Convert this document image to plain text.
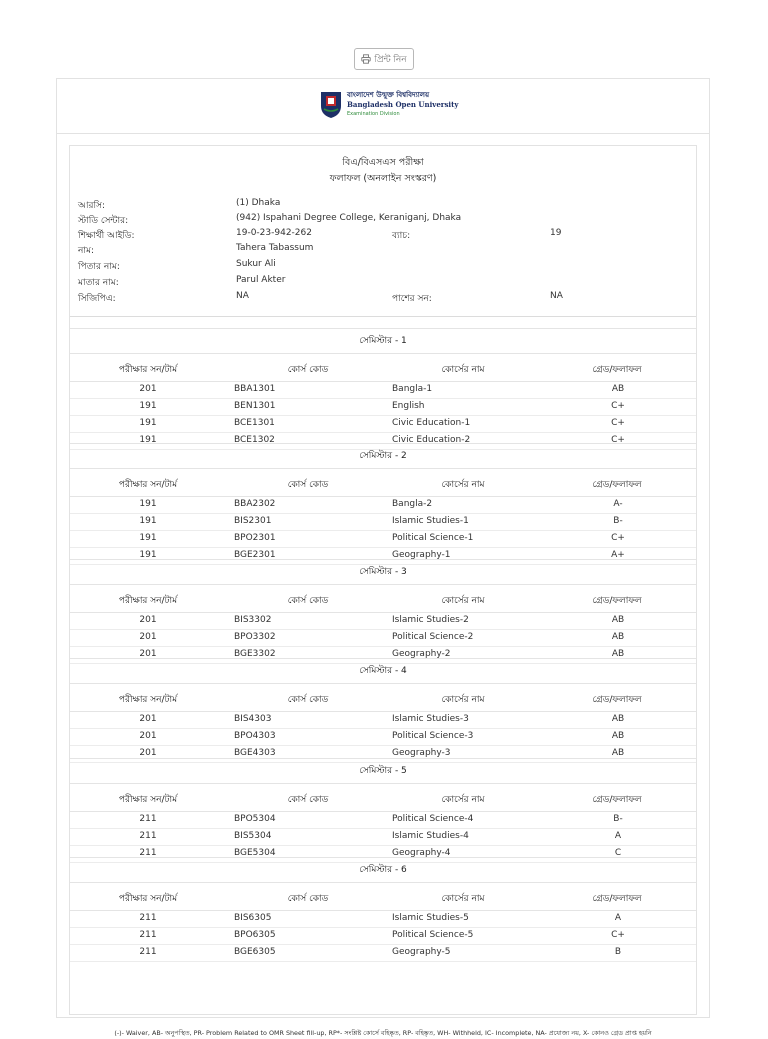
প্রিন্ট নিন
বাংলাদেশ উন্মুক্ত বিশ্ববিদ্যালয়
Bangladesh Open University
Examination Division
বিএ/বিএসএস পরীক্ষা
ফলাফল (অনলাইন সংস্করণ)
আরসি:	(1) Dhaka
স্টাডি সেন্টার:	(942) Ispahani Degree College, Keraniganj, Dhaka
শিক্ষার্থী আইডি:	19-0-23-942-262	ব্যাচ:	19
নাম:	Tahera Tabassum
পিতার নাম:	Sukur Ali
মাতার নাম:	Parul Akter
সিজিপিএ:	NA	পাশের সন:	NA
সেমিস্টার - 1
পরীক্ষার সন/টার্ম	কোর্স কোড	কোর্সের নাম	গ্রেড/ফলাফল
201	BBA1301	Bangla-1	AB
191	BEN1301	English	C+
191	BCE1301	Civic Education-1	C+
191	BCE1302	Civic Education-2	C+
সেমিস্টার - 2
পরীক্ষার সন/টার্ম	কোর্স কোড	কোর্সের নাম	গ্রেড/ফলাফল
191	BBA2302	Bangla-2	A-
191	BIS2301	Islamic Studies-1	B-
191	BPO2301	Political Science-1	C+
191	BGE2301	Geography-1	A+
সেমিস্টার - 3
পরীক্ষার সন/টার্ম	কোর্স কোড	কোর্সের নাম	গ্রেড/ফলাফল
201	BIS3302	Islamic Studies-2	AB
201	BPO3302	Political Science-2	AB
201	BGE3302	Geography-2	AB
সেমিস্টার - 4
পরীক্ষার সন/টার্ম	কোর্স কোড	কোর্সের নাম	গ্রেড/ফলাফল
201	BIS4303	Islamic Studies-3	AB
201	BPO4303	Political Science-3	AB
201	BGE4303	Geography-3	AB
সেমিস্টার - 5
পরীক্ষার সন/টার্ম	কোর্স কোড	কোর্সের নাম	গ্রেড/ফলাফল
211	BPO5304	Political Science-4	B-
211	BIS5304	Islamic Studies-4	A
211	BGE5304	Geography-4	C
সেমিস্টার - 6
পরীক্ষার সন/টার্ম	কোর্স কোড	কোর্সের নাম	গ্রেড/ফলাফল
211	BIS6305	Islamic Studies-5	A
211	BPO6305	Political Science-5	C+
211	BGE6305	Geography-5	B
(-)- Waiver, AB- অনুপস্থিত, PR- Problem Related to OMR Sheet fill-up, RP*- সংশ্লিষ্ট কোর্সে বহিষ্কৃত, RP- বহিষ্কৃত, WH- Withheld, IC- Incomplete, NA- প্রযোজ্য নয়, X- কোনও গ্রেড প্রাপ্ত হয়নি
